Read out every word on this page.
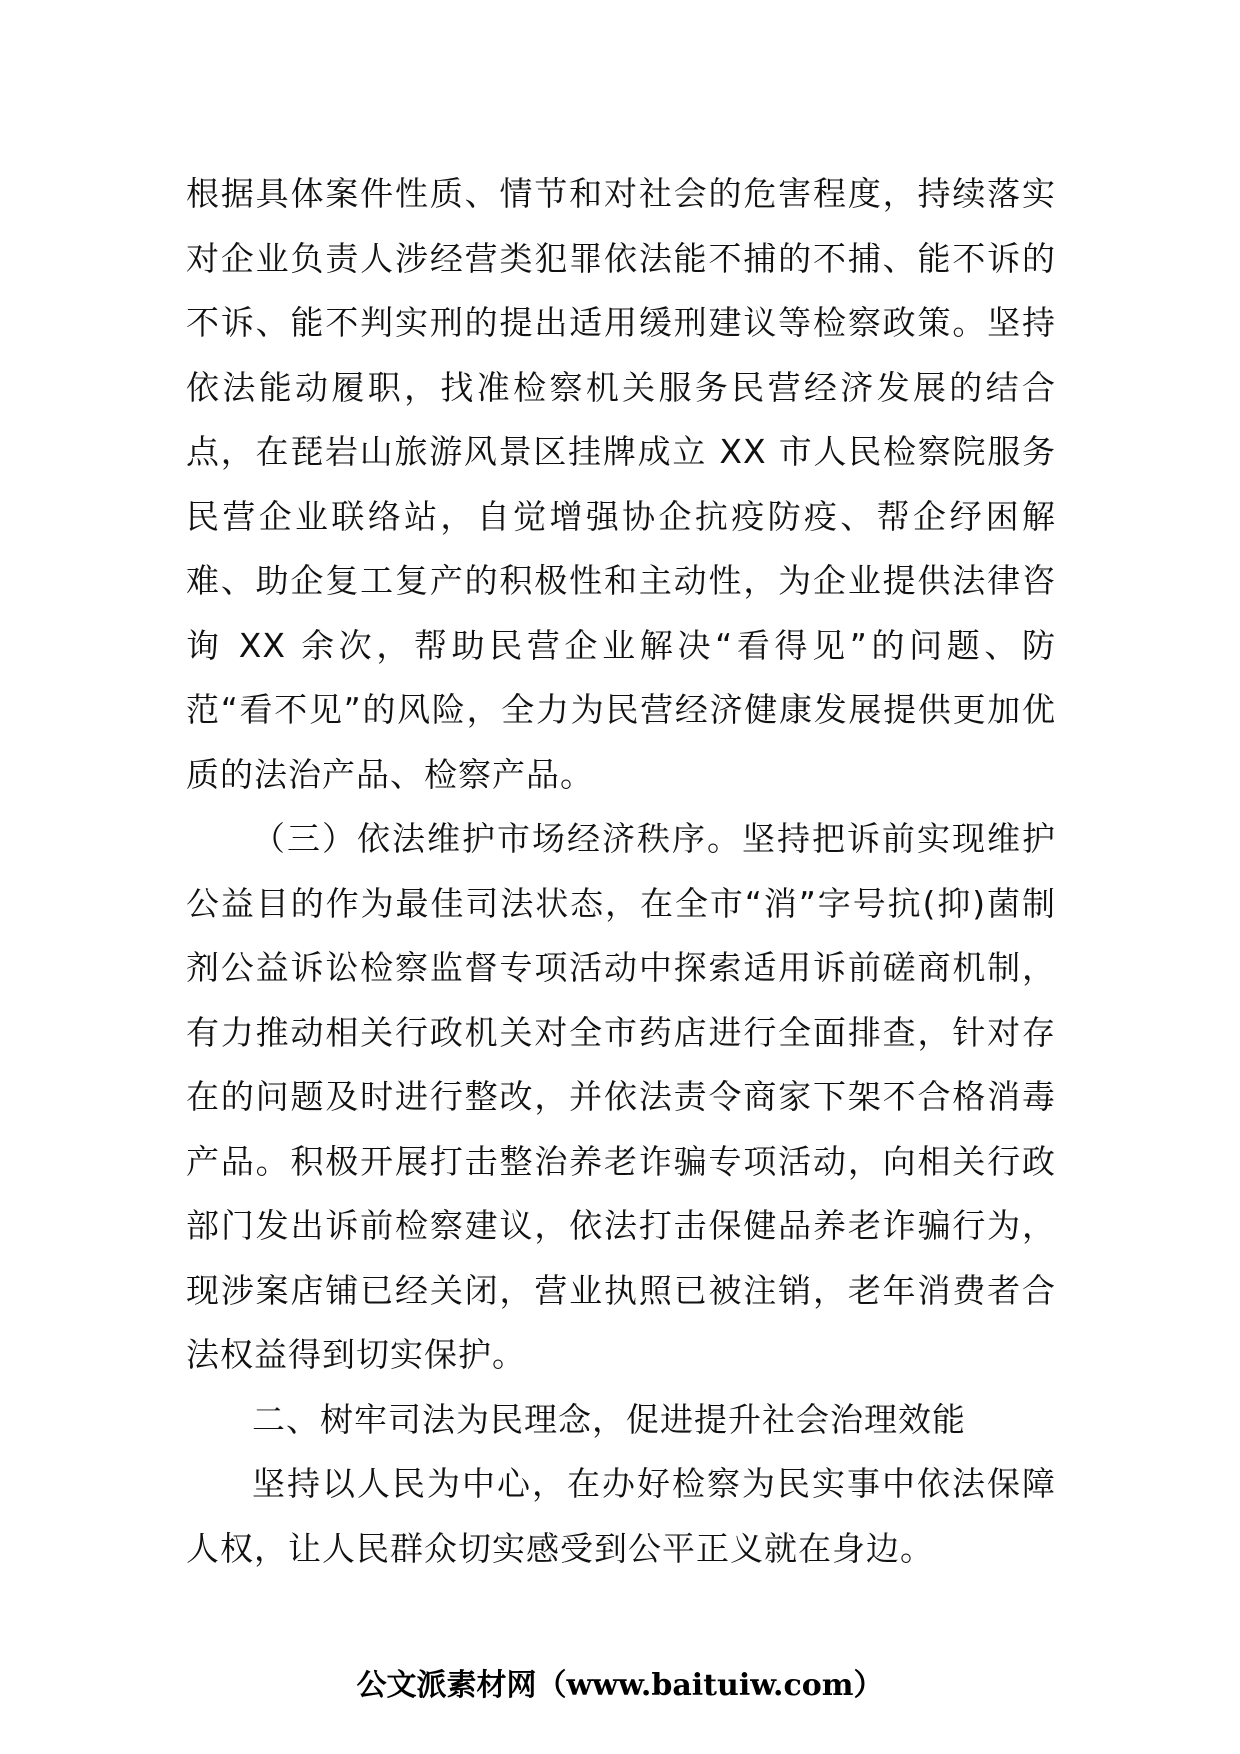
根据具体案件性质、情节和对社会的危害程度，持续落实对企业负责人涉经营类犯罪依法能不捕的不捕、能不诉的不诉、能不判实刑的提出适用缓刑建议等检察政策。坚持依法能动履职，找准检察机关服务民营经济发展的结合点，在琵岩山旅游风景区挂牌成立 XX 市人民检察院服务民营企业联络站，自觉增强协企抗疫防疫、帮企纾困解难、助企复工复产的积极性和主动性，为企业提供法律咨询 XX 余次，帮助民营企业解决“看得见”的问题、防范“看不见”的风险，全力为民营经济健康发展提供更加优质的法治产品、检察产品。

（三）依法维护市场经济秩序。坚持把诉前实现维护公益目的作为最佳司法状态，在全市“消”字号抗(抑)菌制剂公益诉讼检察监督专项活动中探索适用诉前磋商机制，有力推动相关行政机关对全市药店进行全面排查，针对存在的问题及时进行整改，并依法责令商家下架不合格消毒产品。积极开展打击整治养老诈骗专项活动，向相关行政部门发出诉前检察建议，依法打击保健品养老诈骗行为，现涉案店铺已经关闭，营业执照已被注销，老年消费者合法权益得到切实保护。

二、树牢司法为民理念，促进提升社会治理效能

坚持以人民为中心，在办好检察为民实事中依法保障人权，让人民群众切实感受到公平正义就在身边。

公文派素材网（www.baituiw.com）
